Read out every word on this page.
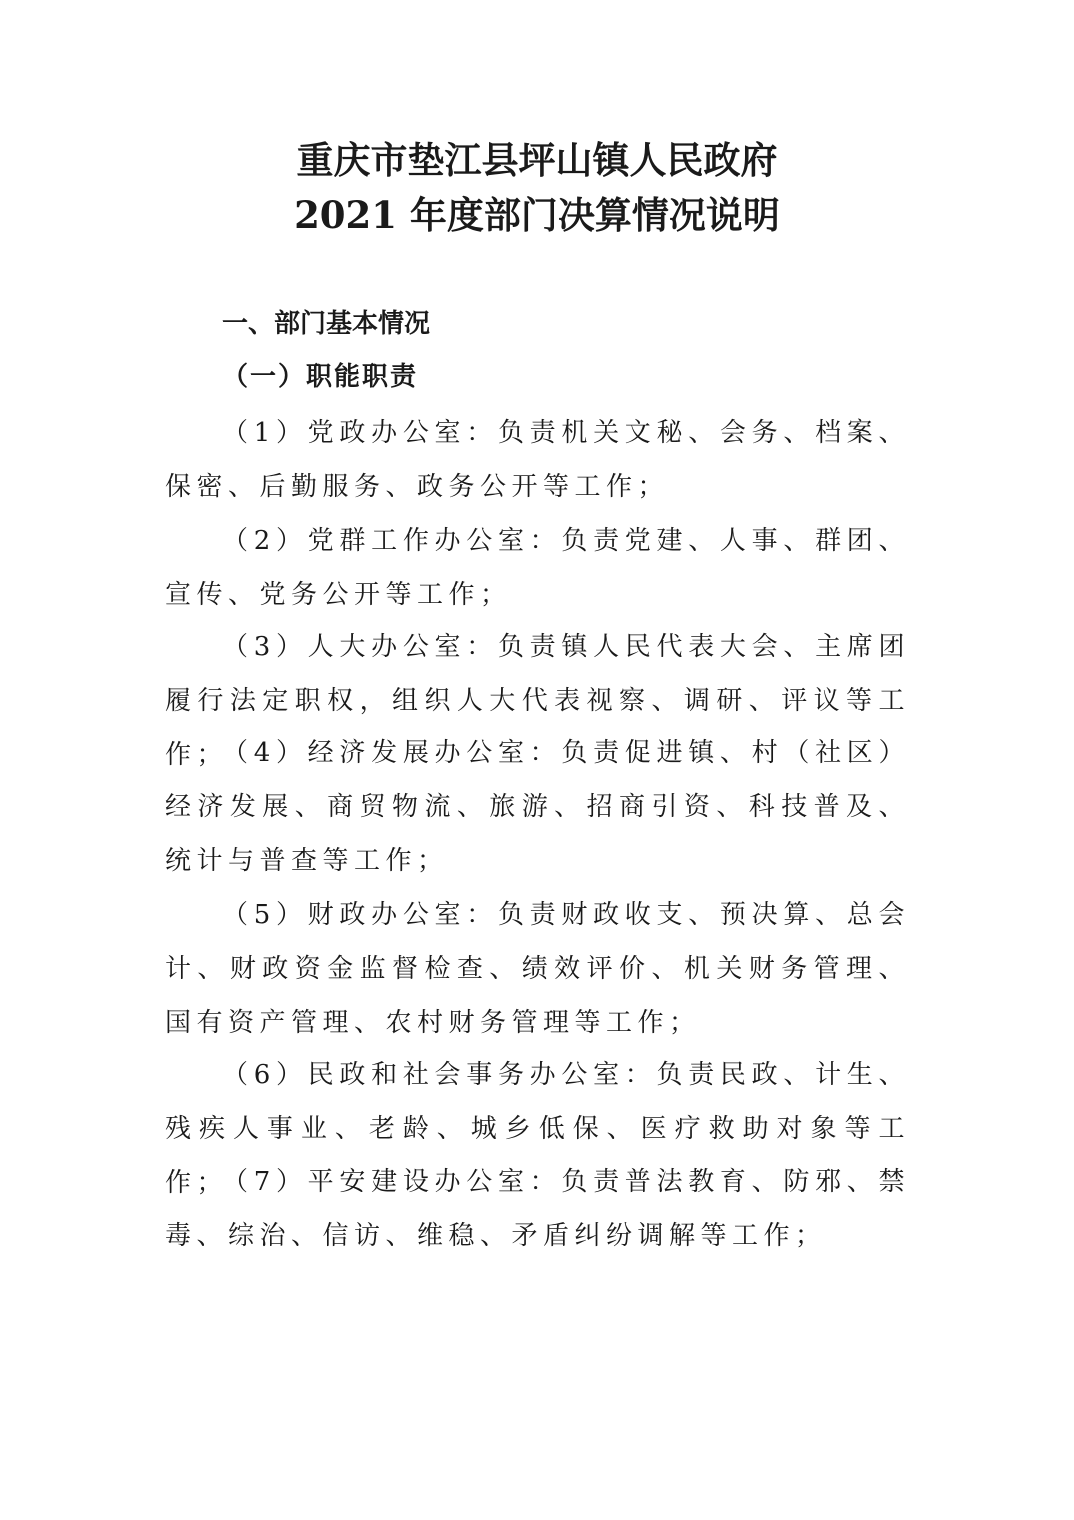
重庆市垫江县坪山镇人民政府
2021 年度部门决算情况说明
一、部门基本情况
（一）职能职责

（1）党政办公室：负责机关文秘、会务、档案、保密、后勤服务、政务公开等工作；

（2）党群工作办公室：负责党建、人事、群团、宣传、党务公开等工作；

（3）人大办公室：负责镇人民代表大会、主席团履行法定职权，组织人大代表视察、调研、评议等工作；

（4）经济发展办公室：负责促进镇、村（社区）经济发展、商贸物流、旅游、招商引资、科技普及、统计与普查等工作；

（5）财政办公室：负责财政收支、预决算、总会计、财政资金监督检查、绩效评价、机关财务管理、国有资产管理、农村财务管理等工作；

（6）民政和社会事务办公室：负责民政、计生、残疾人事业、老龄、城乡低保、医疗救助对象等工作；

（7）平安建设办公室：负责普法教育、防邪、禁毒、综治、信访、维稳、矛盾纠纷调解等工作；
